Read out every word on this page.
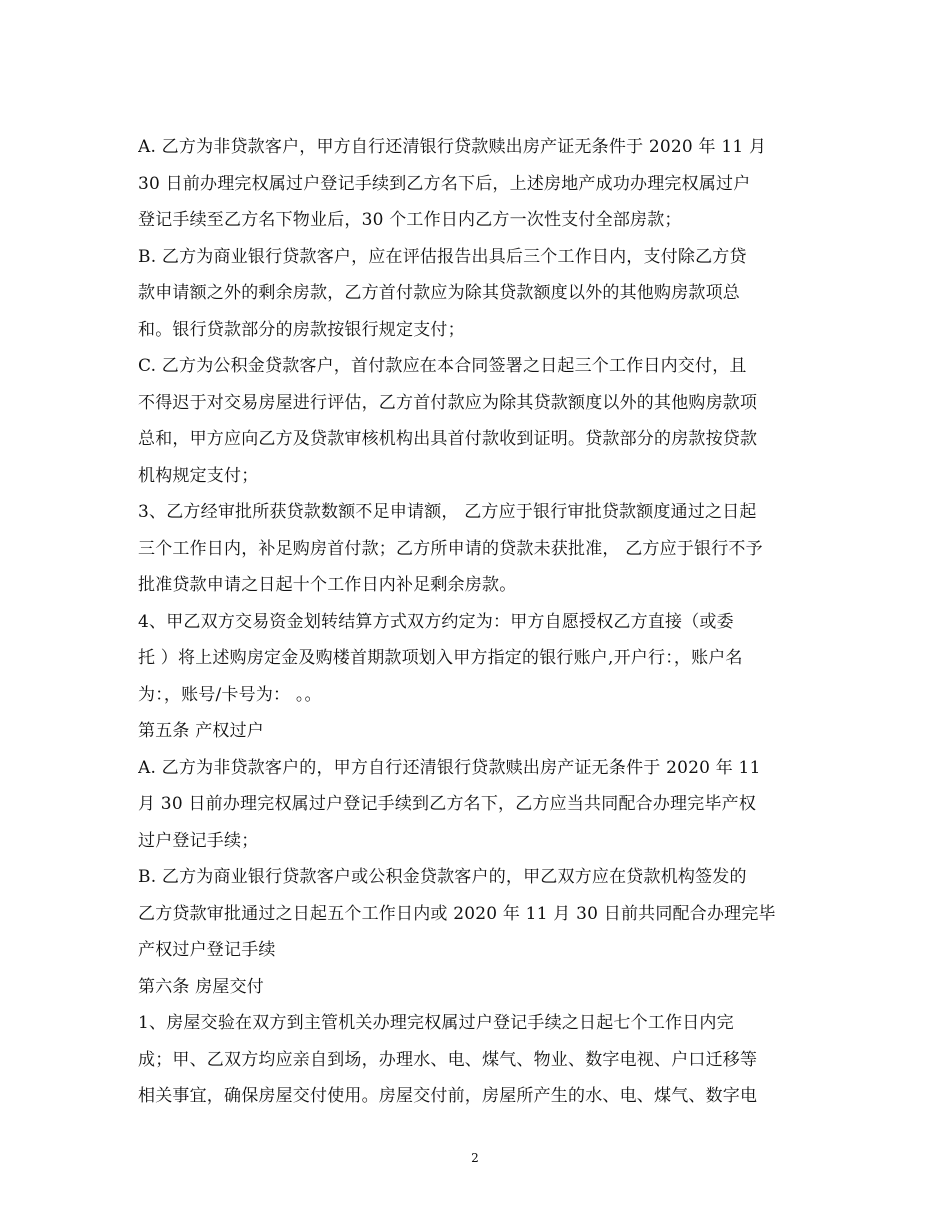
A. 乙方为非贷款客户，甲方自行还清银行贷款赎出房产证无条件于 2020 年 11 月
30 日前办理完权属过户登记手续到乙方名下后，上述房地产成功办理完权属过户
登记手续至乙方名下物业后，30 个工作日内乙方一次性支付全部房款；
B. 乙方为商业银行贷款客户，应在评估报告出具后三个工作日内，支付除乙方贷
款申请额之外的剩余房款，乙方首付款应为除其贷款额度以外的其他购房款项总
和。银行贷款部分的房款按银行规定支付；
C. 乙方为公积金贷款客户，首付款应在本合同签署之日起三个工作日内交付，且
不得迟于对交易房屋进行评估，乙方首付款应为除其贷款额度以外的其他购房款项
总和，甲方应向乙方及贷款审核机构出具首付款收到证明。贷款部分的房款按贷款
机构规定支付；
3、乙方经审批所获贷款数额不足申请额， 乙方应于银行审批贷款额度通过之日起
三个工作日内，补足购房首付款；乙方所申请的贷款未获批准， 乙方应于银行不予
批准贷款申请之日起十个工作日内补足剩余房款。
4、甲乙双方交易资金划转结算方式双方约定为：甲方自愿授权乙方直接（或委
托 ）将上述购房定金及购楼首期款项划入甲方指定的银行账户,开户行：，账户名
为：，账号/卡号为： 。。
第五条 产权过户
A. 乙方为非贷款客户的，甲方自行还清银行贷款赎出房产证无条件于 2020 年 11
月 30 日前办理完权属过户登记手续到乙方名下，乙方应当共同配合办理完毕产权
过户登记手续；
B. 乙方为商业银行贷款客户或公积金贷款客户的，甲乙双方应在贷款机构签发的
乙方贷款审批通过之日起五个工作日内或 2020 年 11 月 30 日前共同配合办理完毕
产权过户登记手续
第六条 房屋交付
1、房屋交验在双方到主管机关办理完权属过户登记手续之日起七个工作日内完
成；甲、乙双方均应亲自到场，办理水、电、煤气、物业、数字电视、户口迁移等
相关事宜，确保房屋交付使用。房屋交付前，房屋所产生的水、电、煤气、数字电
2
